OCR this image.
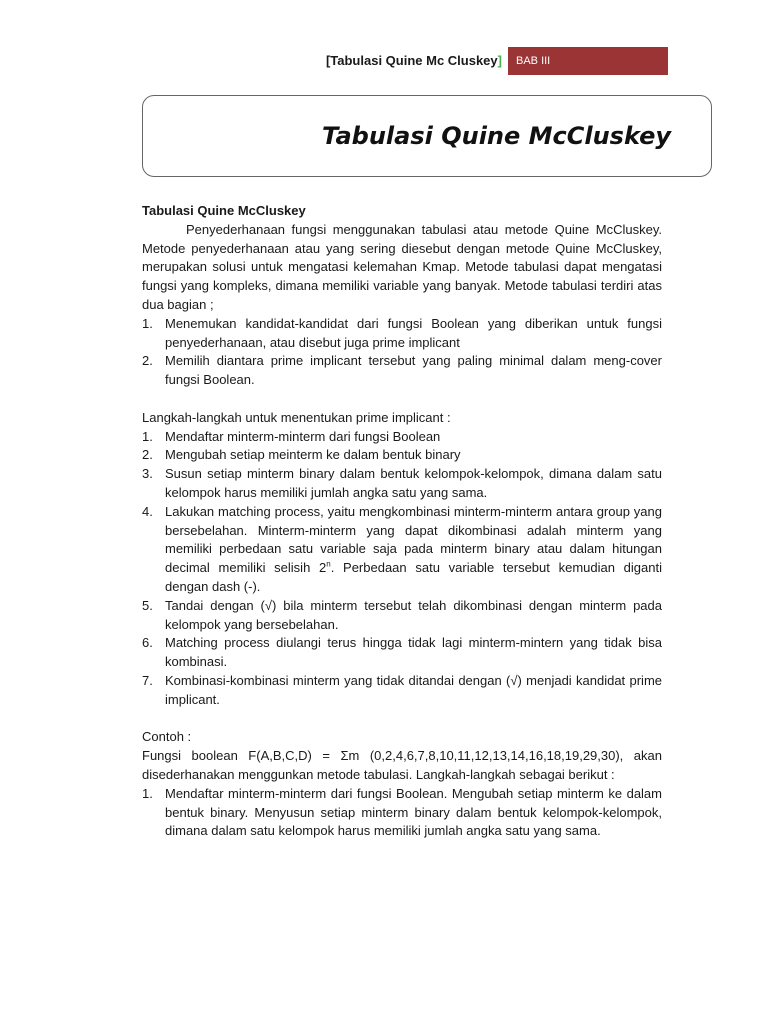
[Tabulasi Quine Mc Cluskey]	BAB III
Tabulasi Quine McCluskey

Tabulasi Quine McCluskey

Penyederhanaan fungsi menggunakan tabulasi atau metode Quine McCluskey. Metode penyederhanaan atau yang sering diesebut dengan metode Quine McCluskey, merupakan solusi untuk mengatasi kelemahan Kmap. Metode tabulasi dapat mengatasi fungsi yang kompleks, dimana memiliki variable yang banyak. Metode tabulasi terdiri atas dua bagian ;

1. Menemukan kandidat-kandidat dari fungsi Boolean yang diberikan untuk fungsi penyederhanaan, atau disebut juga prime implicant
2. Memilih diantara prime implicant tersebut yang paling minimal dalam meng-cover fungsi Boolean.

Langkah-langkah untuk menentukan prime implicant :

1. Mendaftar minterm-minterm dari fungsi Boolean
2. Mengubah setiap meinterm ke dalam bentuk binary
3. Susun setiap minterm binary dalam bentuk kelompok-kelompok, dimana dalam satu kelompok harus memiliki jumlah angka satu yang sama.
4. Lakukan matching process, yaitu mengkombinasi minterm-minterm antara group yang bersebelahan. Minterm-minterm yang dapat dikombinasi adalah minterm yang memiliki perbedaan satu variable saja pada minterm binary atau dalam hitungan decimal memiliki selisih 2$^n$. Perbedaan satu variable tersebut kemudian diganti dengan dash (-).
5. Tandai dengan (√) bila minterm tersebut telah dikombinasi dengan minterm pada kelompok yang bersebelahan.
6. Matching process diulangi terus hingga tidak lagi minterm-mintern yang tidak bisa kombinasi.
7. Kombinasi-kombinasi minterm yang tidak ditandai dengan (√) menjadi kandidat prime implicant.

Contoh :

Fungsi boolean F(A,B,C,D) = Σm (0,2,4,6,7,8,10,11,12,13,14,16,18,19,29,30), akan disederhanakan menggunkan metode tabulasi. Langkah-langkah sebagai berikut :

1. Mendaftar minterm-minterm dari fungsi Boolean. Mengubah setiap minterm ke dalam bentuk binary. Menyusun setiap minterm binary dalam bentuk kelompok-kelompok, dimana dalam satu kelompok harus memiliki jumlah angka satu yang sama.
